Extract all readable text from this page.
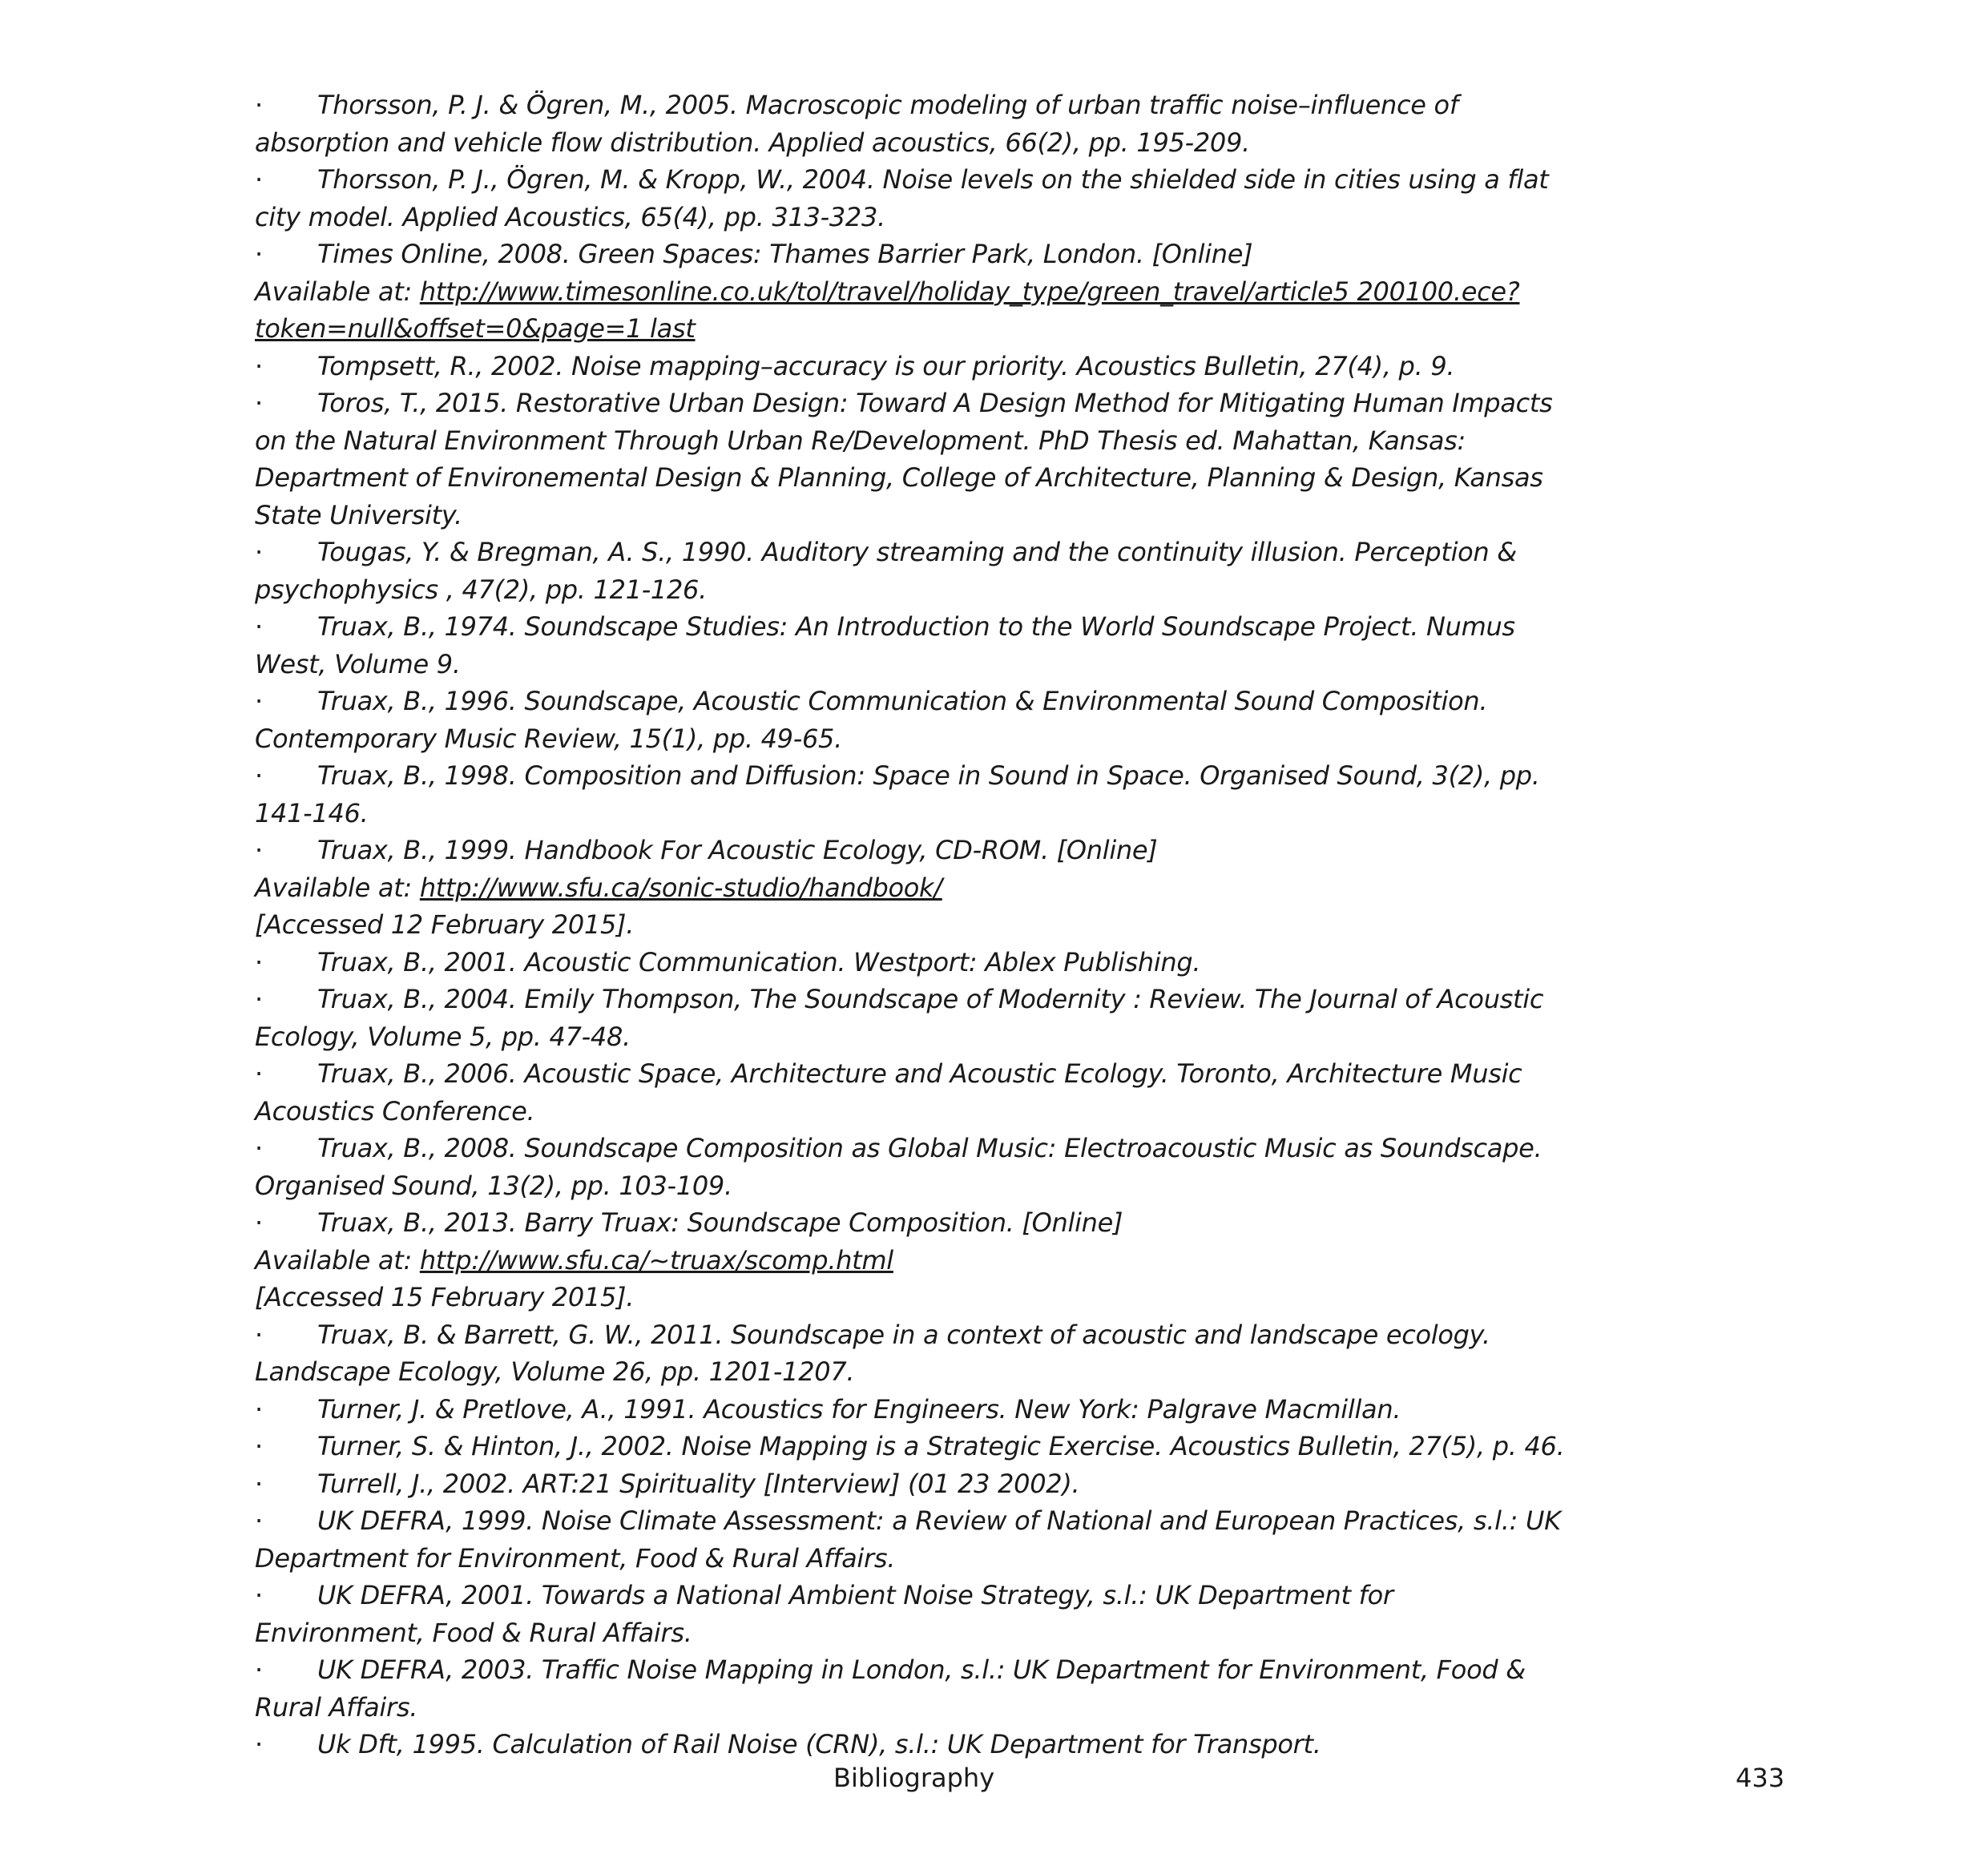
· Thorsson, P. J. & Ögren, M., 2005. Macroscopic modeling of urban traffic noise–influence of absorption and vehicle flow distribution. Applied acoustics, 66(2), pp. 195-209.

· Thorsson, P. J., Ögren, M. & Kropp, W., 2004. Noise levels on the shielded side in cities using a flat city model. Applied Acoustics, 65(4), pp. 313-323.

· Times Online, 2008. Green Spaces: Thames Barrier Park, London. [Online]
Available at: http://www.timesonline.co.uk/tol/travel/holiday_type/green_travel/article5 200100.ece?token=null&offset=0&page=1 last

· Tompsett, R., 2002. Noise mapping–accuracy is our priority. Acoustics Bulletin, 27(4), p. 9.

· Toros, T., 2015. Restorative Urban Design: Toward A Design Method for Mitigating Human Impacts on the Natural Environment Through Urban Re/Development. PhD Thesis ed. Mahattan, Kansas: Department of Environemental Design & Planning, College of Architecture, Planning & Design, Kansas State University.

· Tougas, Y. & Bregman, A. S., 1990. Auditory streaming and the continuity illusion. Perception & psychophysics , 47(2), pp. 121-126.

· Truax, B., 1974. Soundscape Studies: An Introduction to the World Soundscape Project. Numus West, Volume 9.

· Truax, B., 1996. Soundscape, Acoustic Communication & Environmental Sound Composition. Contemporary Music Review, 15(1), pp. 49-65.

· Truax, B., 1998. Composition and Diffusion: Space in Sound in Space. Organised Sound, 3(2), pp. 141-146.

· Truax, B., 1999. Handbook For Acoustic Ecology, CD-ROM. [Online]
Available at: http://www.sfu.ca/sonic-studio/handbook/
[Accessed 12 February 2015].

· Truax, B., 2001. Acoustic Communication. Westport: Ablex Publishing.

· Truax, B., 2004. Emily Thompson, The Soundscape of Modernity : Review. The Journal of Acoustic Ecology, Volume 5, pp. 47-48.

· Truax, B., 2006. Acoustic Space, Architecture and Acoustic Ecology. Toronto, Architecture Music Acoustics Conference.

· Truax, B., 2008. Soundscape Composition as Global Music: Electroacoustic Music as Soundscape. Organised Sound, 13(2), pp. 103-109.

· Truax, B., 2013. Barry Truax: Soundscape Composition. [Online]
Available at: http://www.sfu.ca/~truax/scomp.html
[Accessed 15 February 2015].

· Truax, B. & Barrett, G. W., 2011. Soundscape in a context of acoustic and landscape ecology. Landscape Ecology, Volume 26, pp. 1201-1207.

· Turner, J. & Pretlove, A., 1991. Acoustics for Engineers. New York: Palgrave Macmillan.

· Turner, S. & Hinton, J., 2002. Noise Mapping is a Strategic Exercise. Acoustics Bulletin, 27(5), p. 46.

· Turrell, J., 2002. ART:21 Spirituality [Interview] (01 23 2002).

· UK DEFRA, 1999. Noise Climate Assessment: a Review of National and European Practices, s.l.: UK Department for Environment, Food & Rural Affairs.

· UK DEFRA, 2001. Towards a National Ambient Noise Strategy, s.l.: UK Department for Environment, Food & Rural Affairs.

· UK DEFRA, 2003. Traffic Noise Mapping in London, s.l.: UK Department for Environment, Food & Rural Affairs.

· Uk Dft, 1995. Calculation of Rail Noise (CRN), s.l.: UK Department for Transport.

Bibliography	433
